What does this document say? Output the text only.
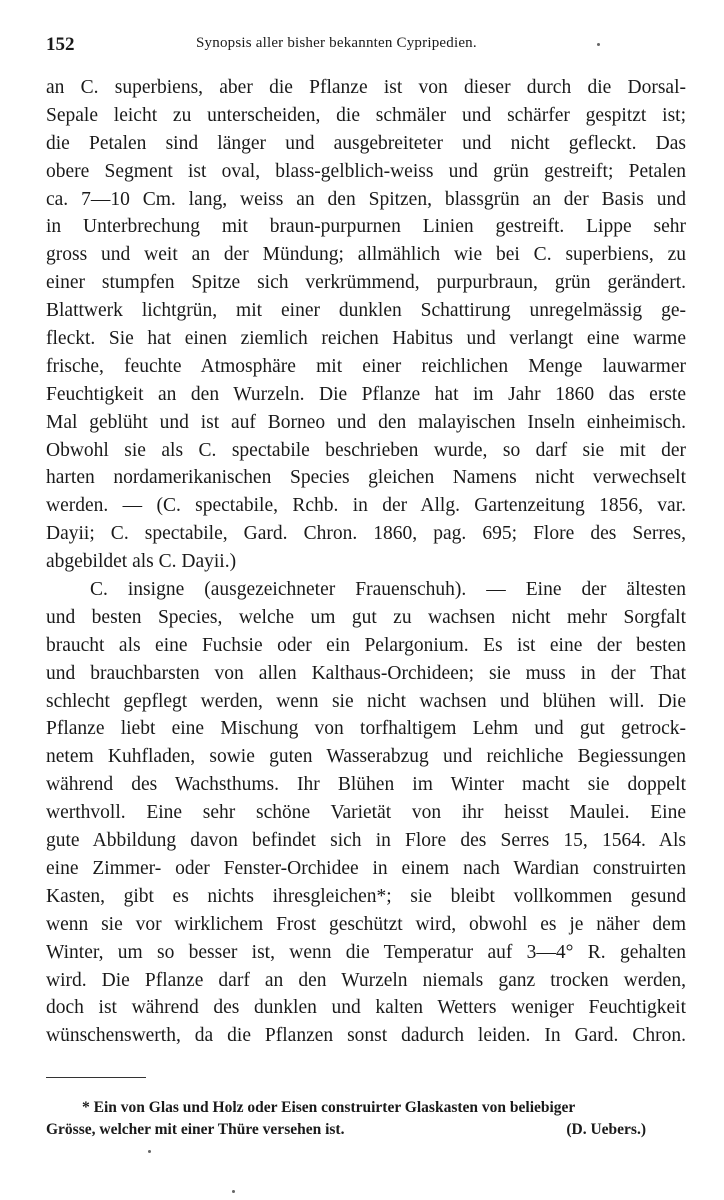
152	Synopsis aller bisher bekannten Cypripedien.
an C. superbiens, aber die Pflanze ist von dieser durch die Dorsal-
Sepale leicht zu unterscheiden, die schmäler und schärfer gespitzt ist;
die Petalen sind länger und ausgebreiteter und nicht gefleckt. Das
obere Segment ist oval, blass-gelblich-weiss und grün gestreift; Petalen
ca. 7—10 Cm. lang, weiss an den Spitzen, blassgrün an der Basis und
in Unterbrechung mit braun-purpurnen Linien gestreift. Lippe sehr
gross und weit an der Mündung; allmählich wie bei C. superbiens, zu
einer stumpfen Spitze sich verkrümmend, purpurbraun, grün gerändert.
Blattwerk lichtgrün, mit einer dunklen Schattirung unregelmässig ge-
fleckt. Sie hat einen ziemlich reichen Habitus und verlangt eine warme
frische, feuchte Atmosphäre mit einer reichlichen Menge lauwarmer
Feuchtigkeit an den Wurzeln. Die Pflanze hat im Jahr 1860 das erste
Mal geblüht und ist auf Borneo und den malayischen Inseln einheimisch.
Obwohl sie als C. spectabile beschrieben wurde, so darf sie mit der
harten nordamerikanischen Species gleichen Namens nicht verwechselt
werden. — (C. spectabile, Rchb. in der Allg. Gartenzeitung 1856, var.
Dayii; C. spectabile, Gard. Chron. 1860, pag. 695; Flore des Serres,
abgebildet als C. Dayii.)
C. insigne (ausgezeichneter Frauenschuh). — Eine der ältesten
und besten Species, welche um gut zu wachsen nicht mehr Sorgfalt
braucht als eine Fuchsie oder ein Pelargonium. Es ist eine der besten
und brauchbarsten von allen Kalthaus-Orchideen; sie muss in der That
schlecht gepflegt werden, wenn sie nicht wachsen und blühen will. Die
Pflanze liebt eine Mischung von torfhaltigem Lehm und gut getrock-
netem Kuhfladen, sowie guten Wasserabzug und reichliche Begiessungen
während des Wachsthums. Ihr Blühen im Winter macht sie doppelt
werthvoll. Eine sehr schöne Varietät von ihr heisst Maulei. Eine
gute Abbildung davon befindet sich in Flore des Serres 15, 1564. Als
eine Zimmer- oder Fenster-Orchidee in einem nach Wardian construirten
Kasten, gibt es nichts ihresgleichen*; sie bleibt vollkommen gesund
wenn sie vor wirklichem Frost geschützt wird, obwohl es je näher dem
Winter, um so besser ist, wenn die Temperatur auf 3—4° R. gehalten
wird. Die Pflanze darf an den Wurzeln niemals ganz trocken werden,
doch ist während des dunklen und kalten Wetters weniger Feuchtigkeit
wünschenswerth, da die Pflanzen sonst dadurch leiden. In Gard. Chron.
* Ein von Glas und Holz oder Eisen construirter Glaskasten von beliebiger
Grösse, welcher mit einer Thüre versehen ist.	(D. Uebers.)
